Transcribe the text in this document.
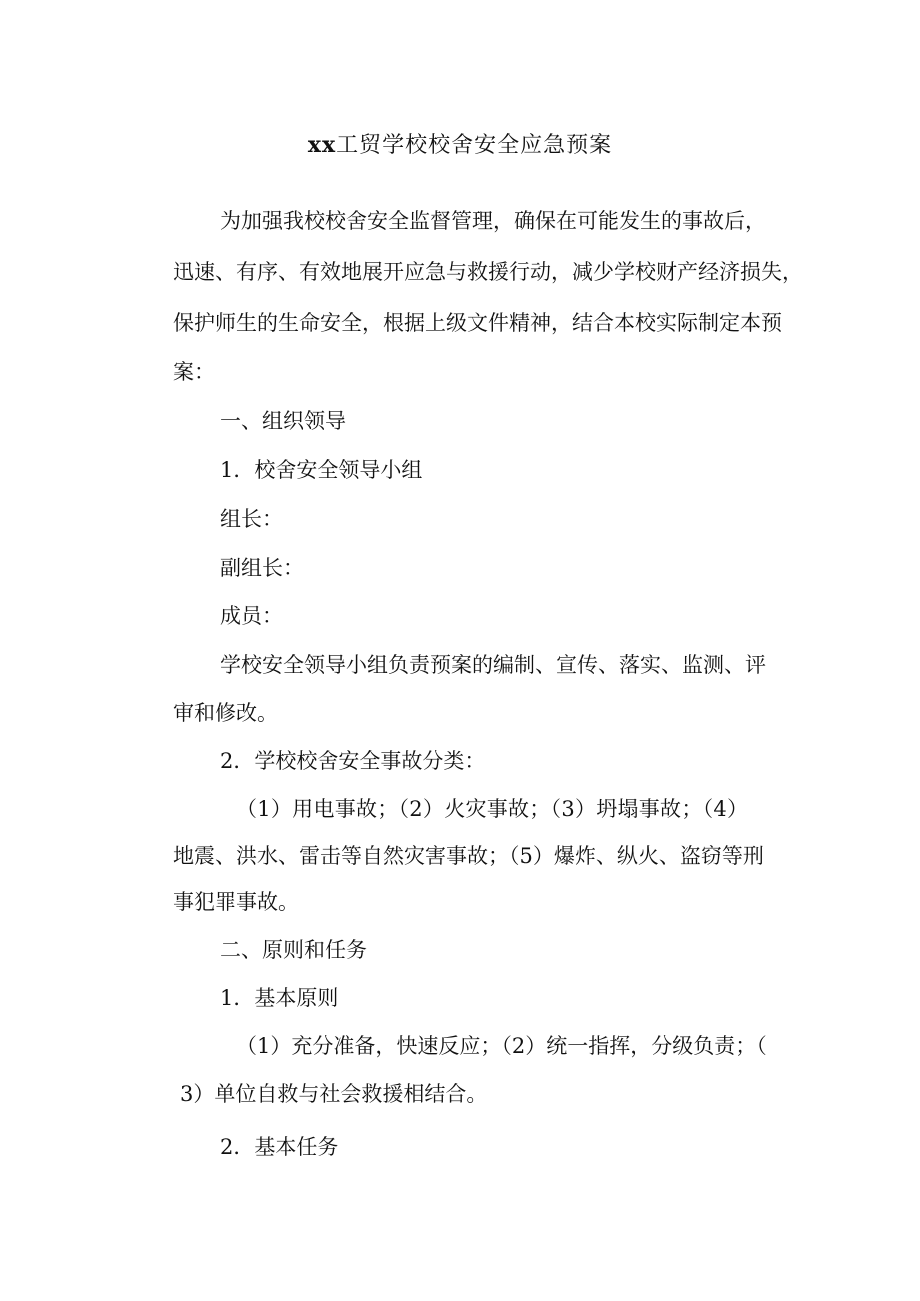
xx工贸学校校舍安全应急预案

为加强我校校舍安全监督管理，确保在可能发生的事故后，

迅速、有序、有效地展开应急与救援行动，减少学校财产经济损失，

保护师生的生命安全，根据上级文件精神，结合本校实际制定本预

案：

一、组织领导

1．校舍安全领导小组

组长：

副组长：

成员：

学校安全领导小组负责预案的编制、宣传、落实、监测、评

审和修改。

2．学校校舍安全事故分类：

（1）用电事故；（2）火灾事故；（3）坍塌事故；（4）

地震、洪水、雷击等自然灾害事故；（5）爆炸、纵火、盗窃等刑

事犯罪事故。

二、原则和任务

1．基本原则

（1）充分准备，快速反应；（2）统一指挥，分级负责；（

3）单位自救与社会救援相结合。

2．基本任务
